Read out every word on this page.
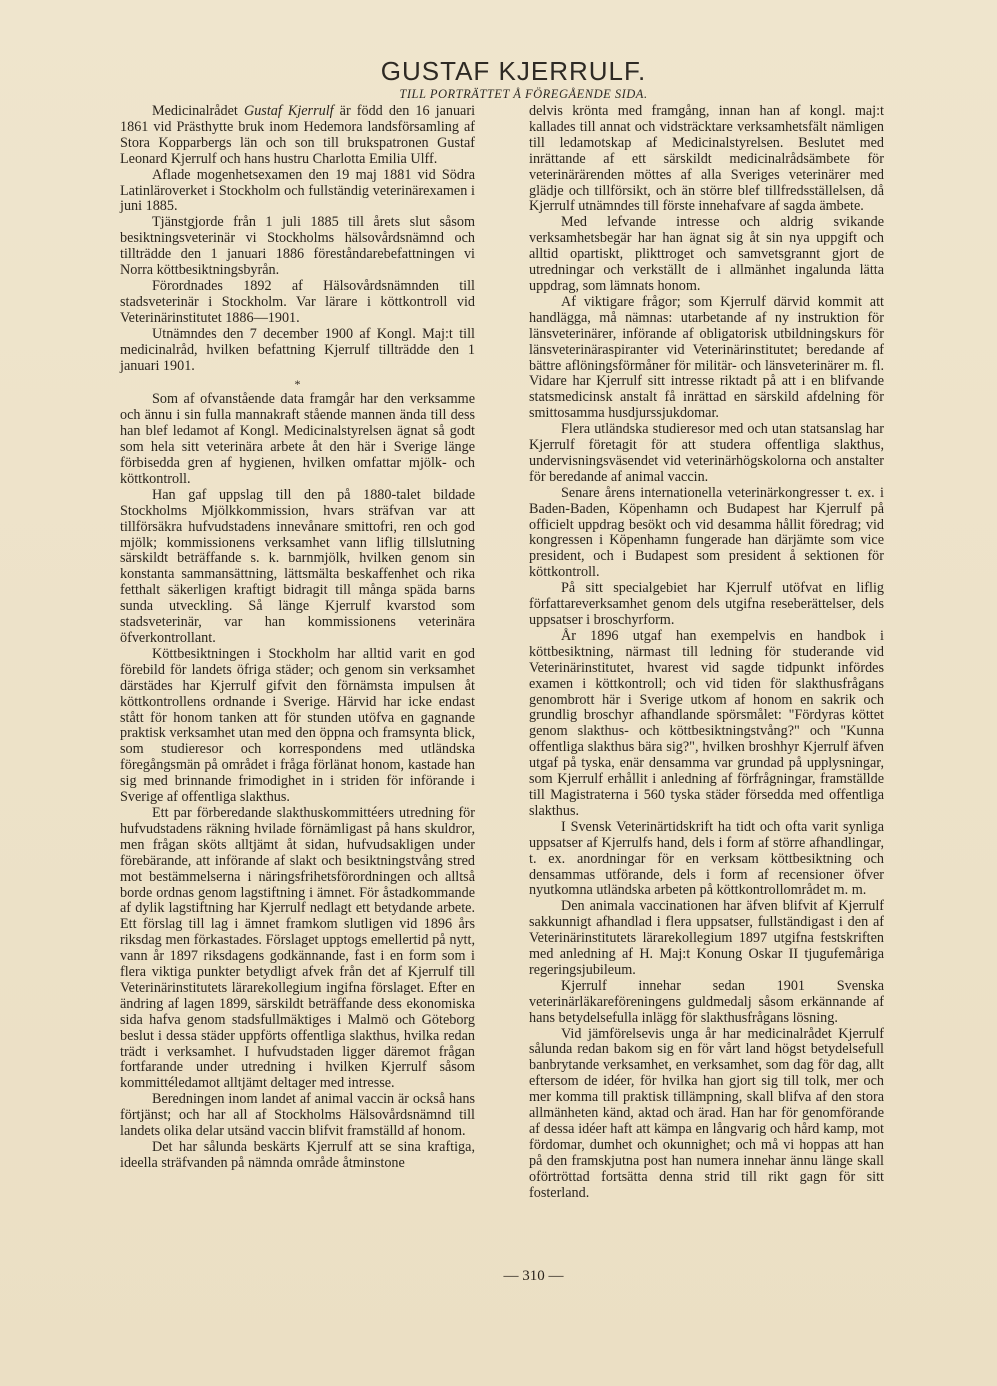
GUSTAF KJERRULF.
TILL PORTRÄTTET Å FÖREGÅENDE SIDA.

Medicinalrådet Gustaf Kjerrulf är född den 16 januari 1861 vid Prästhytte bruk inom Hedemora landsförsamling af Stora Kopparbergs län och son till brukspatronen Gustaf Leonard Kjerrulf och hans hustru Charlotta Emilia Ulff.

Aflade mogenhetsexamen den 19 maj 1881 vid Södra Latinläroverket i Stockholm och fullständig veterinärexamen i juni 1885.

Tjänstgjorde från 1 juli 1885 till årets slut såsom besiktningsveterinär vi Stockholms hälsovårdsnämnd och tillträdde den 1 januari 1886 föreståndarebefattningen vi Norra köttbesiktningsbyrån.

Förordnades 1892 af Hälsovårdsnämnden till stadsveterinär i Stockholm. Var lärare i köttkontroll vid Veterinärinstitutet 1886—1901.

Utnämndes den 7 december 1900 af Kongl. Maj:t till medicinalråd, hvilken befattning Kjerrulf tillträdde den 1 januari 1901.

*

Som af ofvanstående data framgår har den verksamme och ännu i sin fulla mannakraft stående mannen ända till dess han blef ledamot af Kongl. Medicinalstyrelsen ägnat så godt som hela sitt veterinära arbete åt den här i Sverige länge förbisedda gren af hygienen, hvilken omfattar mjölk- och köttkontroll.

Han gaf uppslag till den på 1880-talet bildade Stockholms Mjölkkommission, hvars sträfvan var att tillförsäkra hufvudstadens innevånare smittofri, ren och god mjölk; kommissionens verksamhet vann liflig tillslutning särskildt beträffande s. k. barnmjölk, hvilken genom sin konstanta sammansättning, lättsmälta beskaffenhet och rika fetthalt säkerligen kraftigt bidragit till många späda barns sunda utveckling. Så länge Kjerrulf kvarstod som stadsveterinär, var han kommissionens veterinära öfverkontrollant.

Köttbesiktningen i Stockholm har alltid varit en god förebild för landets öfriga städer; och genom sin verksamhet därstädes har Kjerrulf gifvit den förnämsta impulsen åt köttkontrollens ordnande i Sverige. Härvid har icke endast stått för honom tanken att för stunden utöfva en gagnande praktisk verksamhet utan med den öppna och framsynta blick, som studieresor och korrespondens med utländska föregångsmän på området i fråga förlänat honom, kastade han sig med brinnande frimodighet in i striden för införande i Sverige af offentliga slakthus.

Ett par förberedande slakthuskommittéers utredning för hufvudstadens räkning hvilade förnämligast på hans skuldror, men frågan sköts alltjämt åt sidan, hufvudsakligen under förebärande, att införande af slakt och besiktningstvång stred mot bestämmelserna i näringsfrihetsförordningen och alltså borde ordnas genom lagstiftning i ämnet. För åstadkommande af dylik lagstiftning har Kjerrulf nedlagt ett betydande arbete. Ett förslag till lag i ämnet framkom slutligen vid 1896 års riksdag men förkastades. Förslaget upptogs emellertid på nytt, vann år 1897 riksdagens godkännande, fast i en form som i flera viktiga punkter betydligt afvek från det af Kjerrulf till Veterinärinstitutets lärarekollegium ingifna förslaget. Efter en ändring af lagen 1899, särskildt beträffande dess ekonomiska sida hafva genom stadsfullmäktiges i Malmö och Göteborg beslut i dessa städer uppförts offentliga slakthus, hvilka redan trädt i verksamhet. I hufvudstaden ligger däremot frågan fortfarande under utredning i hvilken Kjerrulf såsom kommittéledamot alltjämt deltager med intresse.

Beredningen inom landet af animal vaccin är också hans förtjänst; och har all af Stockholms Hälsovårdsnämnd till landets olika delar utsänd vaccin blifvit framställd af honom.

Det har sålunda beskärts Kjerrulf att se sina kraftiga, ideella sträfvanden på nämnda område åtminstone

delvis krönta med framgång, innan han af kongl. maj:t kallades till annat och vidsträcktare verksamhetsfält nämligen till ledamotskap af Medicinalstyrelsen. Beslutet med inrättande af ett särskildt medicinalrådsämbete för veterinärärenden möttes af alla Sveriges veterinärer med glädje och tillförsikt, och än större blef tillfredsställelsen, då Kjerrulf utnämndes till förste innehafvare af sagda ämbete.

Med lefvande intresse och aldrig svikande verksamhetsbegär har han ägnat sig åt sin nya uppgift och alltid opartiskt, plikttroget och samvetsgrannt gjort de utredningar och verkställt de i allmänhet ingalunda lätta uppdrag, som lämnats honom.

Af viktigare frågor; som Kjerrulf därvid kommit att handlägga, må nämnas: utarbetande af ny instruktion för länsveterinärer, införande af obligatorisk utbildningskurs för länsveterinäraspiranter vid Veterinärinstitutet; beredande af bättre aflöningsförmåner för militär- och länsveterinärer m. fl. Vidare har Kjerrulf sitt intresse riktadt på att i en blifvande statsmedicinsk anstalt få inrättad en särskild afdelning för smittosamma husdjurssjukdomar.

Flera utländska studieresor med och utan statsanslag har Kjerrulf företagit för att studera offentliga slakthus, undervisningsväsendet vid veterinärhögskolorna och anstalter för beredande af animal vaccin.

Senare årens internationella veterinärkongresser t. ex. i Baden-Baden, Köpenhamn och Budapest har Kjerrulf på officielt uppdrag besökt och vid desamma hållit föredrag; vid kongressen i Köpenhamn fungerade han därjämte som vice president, och i Budapest som president å sektionen för köttkontroll.

På sitt specialgebiet har Kjerrulf utöfvat en liflig författareverksamhet genom dels utgifna reseberättelser, dels uppsatser i broschyrform.

År 1896 utgaf han exempelvis en handbok i köttbesiktning, närmast till ledning för studerande vid Veterinärinstitutet, hvarest vid sagde tidpunkt infördes examen i köttkontroll; och vid tiden för slakthusfrågans genombrott här i Sverige utkom af honom en sakrik och grundlig broschyr afhandlande spörsmålet: "Fördyras köttet genom slakthus- och köttbesiktningstvång?" och "Kunna offentliga slakthus bära sig?", hvilken broshhyr Kjerrulf äfven utgaf på tyska, enär densamma var grundad på upplysningar, som Kjerrulf erhållit i anledning af förfrågningar, framställde till Magistraterna i 560 tyska städer försedda med offentliga slakthus.

I Svensk Veterinärtidskrift ha tidt och ofta varit synliga uppsatser af Kjerrulfs hand, dels i form af större afhandlingar, t. ex. anordningar för en verksam köttbesiktning och densammas utförande, dels i form af recensioner öfver nyutkomna utländska arbeten på köttkontrollområdet m. m.

Den animala vaccinationen har äfven blifvit af Kjerrulf sakkunnigt afhandlad i flera uppsatser, fullständigast i den af Veterinärinstitutets lärarekollegium 1897 utgifna festskriften med anledning af H. Maj:t Konung Oskar II tjugufemåriga regeringsjubileum.

Kjerrulf innehar sedan 1901 Svenska veterinärläkareföreningens guldmedalj såsom erkännande af hans betydelsefulla inlägg för slakthusfrågans lösning.

Vid jämförelsevis unga år har medicinalrådet Kjerrulf sålunda redan bakom sig en för vårt land högst betydelsefull banbrytande verksamhet, en verksamhet, som dag för dag, allt eftersom de idéer, för hvilka han gjort sig till tolk, mer och mer komma till praktisk tillämpning, skall blifva af den stora allmänheten känd, aktad och ärad. Han har för genomförande af dessa idéer haft att kämpa en långvarig och hård kamp, mot fördomar, dumhet och okunnighet; och må vi hoppas att han på den framskjutna post han numera innehar ännu länge skall oförtröttad fortsätta denna strid till rikt gagn för sitt fosterland.

— 310 —
